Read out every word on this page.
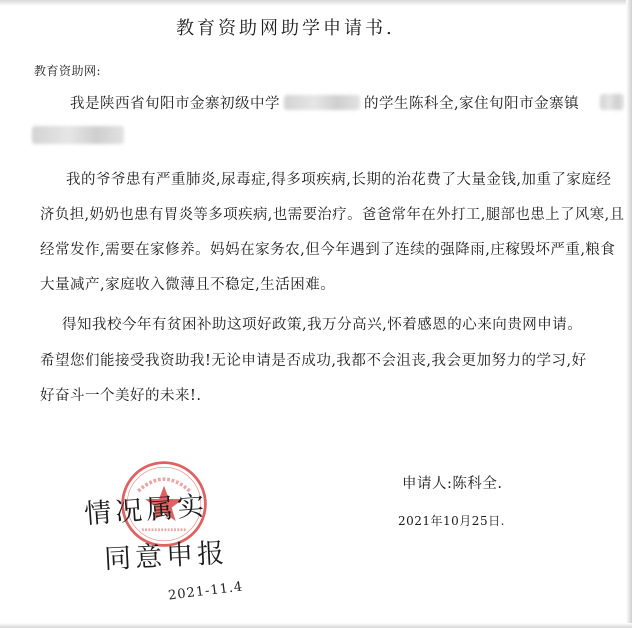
教育资助网助学申请书.
教育资助网:
我是陕西省旬阳市金寨初级中学	的学生陈科全,家住旬阳市金寨镇
我的爷爷患有严重肺炎,尿毒症,得多项疾病,长期的治花费了大量金钱,加重了家庭经
济负担,奶奶也患有胃炎等多项疾病,也需要治疗。爸爸常年在外打工,腿部也患上了风寒,且
经常发作,需要在家修养。妈妈在家务农,但今年遇到了连续的强降雨,庄稼毁坏严重,粮食
大量减产,家庭收入微薄且不稳定,生活困难。
得知我校今年有贫困补助这项好政策,我万分高兴,怀着感恩的心来向贵网申请。
希望您们能接受我资助我!无论申请是否成功,我都不会沮丧,我会更加努力的学习,好
好奋斗一个美好的未来!.
申请人:陈科全.
2021年10月25日.
情况属实
同意申报
2021-11.4
